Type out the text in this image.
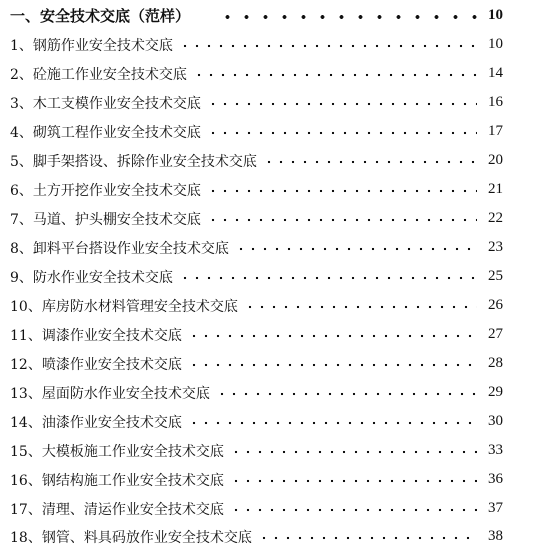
一、安全技术交底（范样）	10
1、钢筋作业安全技术交底	10
2、砼施工作业安全技术交底	14
3、木工支模作业安全技术交底	16
4、砌筑工程作业安全技术交底	17
5、脚手架搭设、拆除作业安全技术交底	20
6、土方开挖作业安全技术交底	21
7、马道、护头棚安全技术交底	22
8、卸料平台搭设作业安全技术交底	23
9、防水作业安全技术交底	25
10、库房防水材料管理安全技术交底	26
11、调漆作业安全技术交底	27
12、喷漆作业安全技术交底	28
13、屋面防水作业安全技术交底	29
14、油漆作业安全技术交底	30
15、大模板施工作业安全技术交底	33
16、钢结构施工作业安全技术交底	36
17、清理、清运作业安全技术交底	37
18、钢管、料具码放作业安全技术交底	38
